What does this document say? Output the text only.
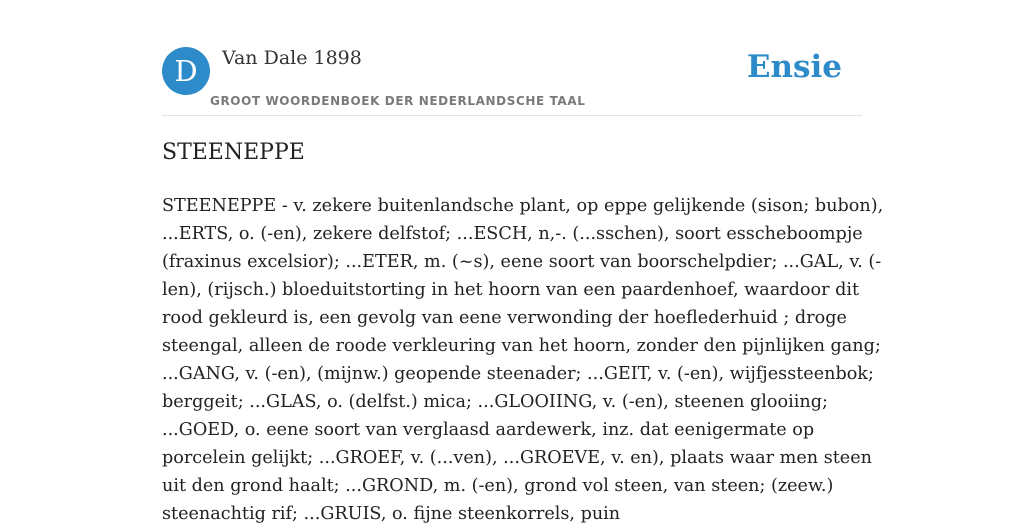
D	Van Dale 1898
GROOT WOORDENBOEK DER NEDERLANDSCHE TAAL
Ensie
STEENEPPE
STEENEPPE - v. zekere buitenlandsche plant, op eppe gelijkende (sison; bubon),
...ERTS, o. (-en), zekere delfstof; ...ESCH, n,-. (...sschen), soort esscheboompje
(fraxinus excelsior); ...ETER, m. (~s), eene soort van boorschelpdier; ...GAL, v. (-
len), (rijsch.) bloeduitstorting in het hoorn van een paardenhoef, waardoor dit
rood gekleurd is, een gevolg van eene verwonding der hoeflederhuid ; droge
steengal, alleen de roode verkleuring van het hoorn, zonder den pijnlijken gang;
...GANG, v. (-en), (mijnw.) geopende steenader; ...GEIT, v. (-en), wijfjessteenbok;
berggeit; ...GLAS, o. (delfst.) mica; ...GLOOIING, v. (-en), steenen glooiing;
...GOED, o. eene soort van verglaasd aardewerk, inz. dat eenigermate op
porcelein gelijkt; ...GROEF, v. (...ven), ...GROEVE, v. en), plaats waar men steen
uit den grond haalt; ...GROND, m. (-en), grond vol steen, van steen; (zeew.)
steenachtig rif; ...GRUIS, o. fijne steenkorrels, puin
